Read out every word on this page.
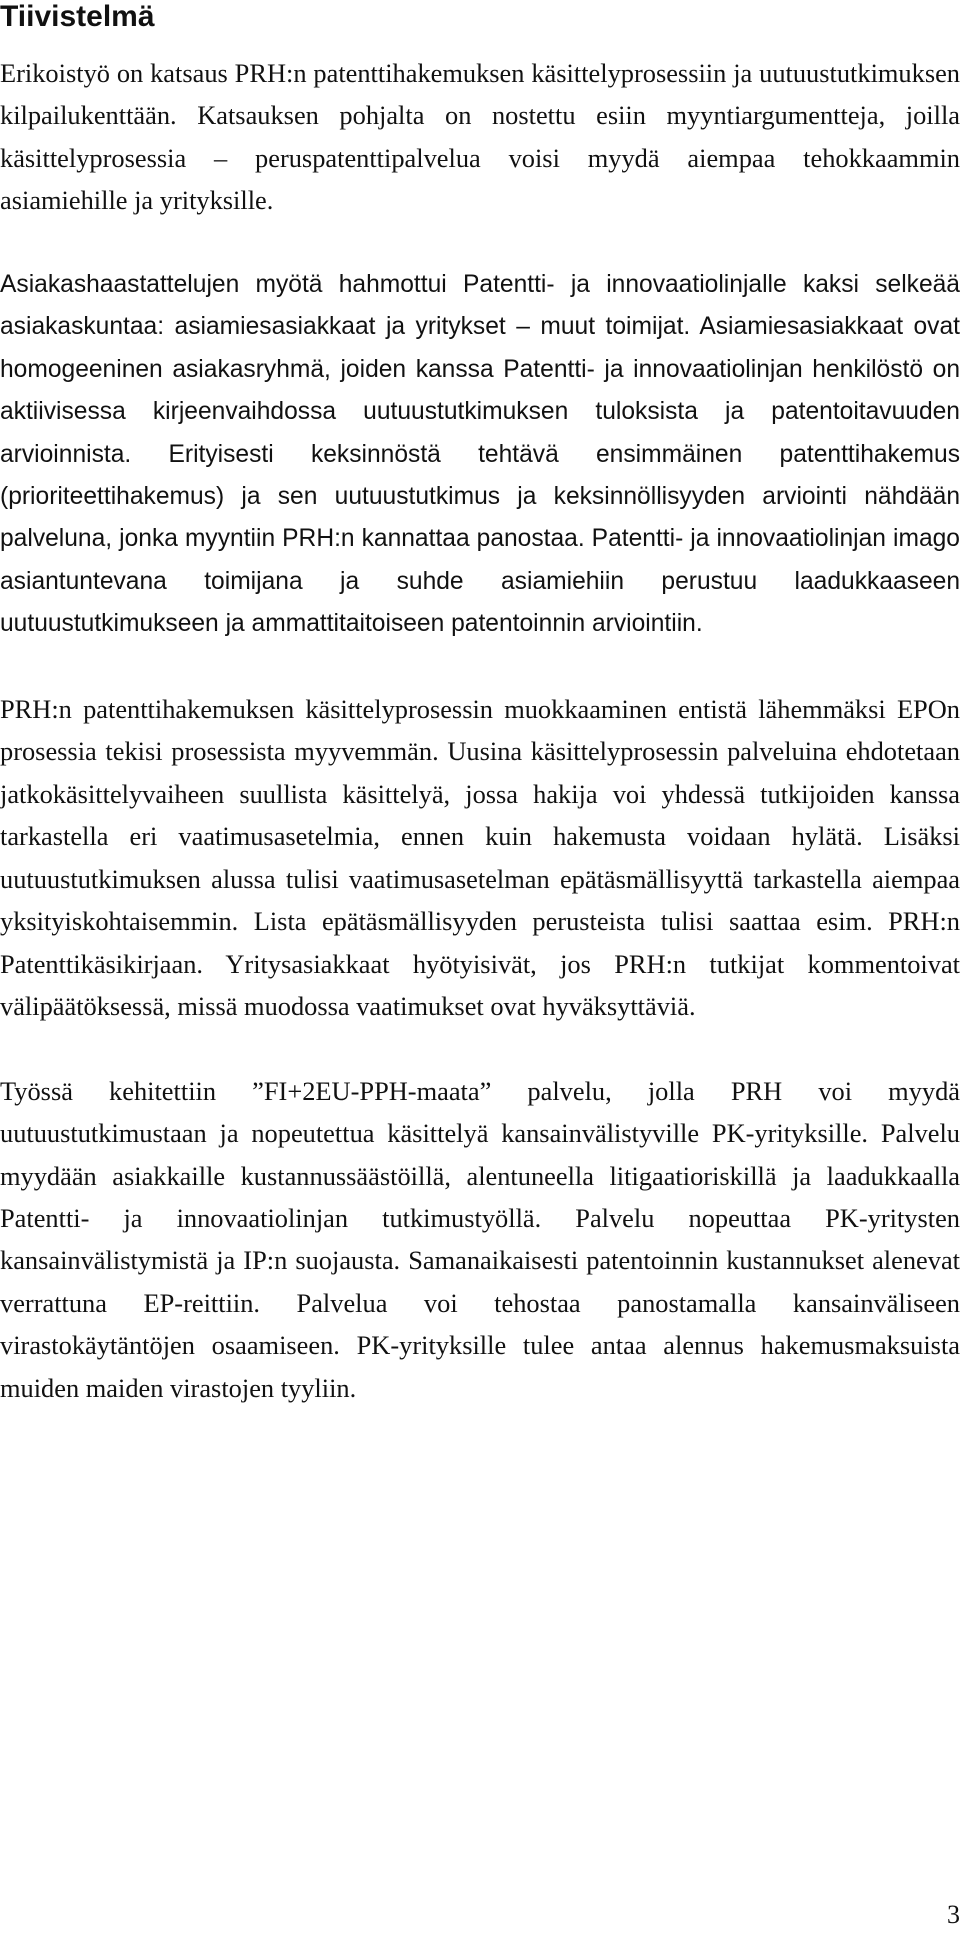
Tiivistelmä

Erikoistyö on katsaus PRH:n patenttihakemuksen käsittelyprosessiin ja uutuustutkimuksen kilpailukenttään. Katsauksen pohjalta on nostettu esiin myyntiargumentteja, joilla käsittelyprosessia – peruspatenttipalvelua voisi myydä aiempaa tehokkaammin asiamiehille ja yrityksille.

Asiakashaastattelujen myötä hahmottui Patentti- ja innovaatiolinjalle kaksi selkeää asiakaskuntaa: asiamiesasiakkaat ja yritykset – muut toimijat. Asiamiesasiakkaat ovat homogeeninen asiakasryhmä, joiden kanssa Patentti- ja innovaatiolinjan henkilöstö on aktiivisessa kirjeenvaihdossa uutuustutkimuksen tuloksista ja patentoitavuuden arvioinnista. Erityisesti keksinnöstä tehtävä ensimmäinen patenttihakemus (prioriteettihakemus) ja sen uutuustutkimus ja keksinnöllisyyden arviointi nähdään palveluna, jonka myyntiin PRH:n kannattaa panostaa. Patentti- ja innovaatiolinjan imago asiantuntevana toimijana ja suhde asiamiehiin perustuu laadukkaaseen uutuustutkimukseen ja ammattitaitoiseen patentoinnin arviointiin.

PRH:n patenttihakemuksen käsittelyprosessin muokkaaminen entistä lähemmäksi EPOn prosessia tekisi prosessista myyvemmän. Uusina käsittelyprosessin palveluina ehdotetaan jatkokäsittelyvaiheen suullista käsittelyä, jossa hakija voi yhdessä tutkijoiden kanssa tarkastella eri vaatimusasetelmia, ennen kuin hakemusta voidaan hylätä. Lisäksi uutuustutkimuksen alussa tulisi vaatimusasetelman epätäsmällisyyttä tarkastella aiempaa yksityiskohtaisemmin. Lista epätäsmällisyyden perusteista tulisi saattaa esim. PRH:n Patenttikäsikirjaan. Yritysasiakkaat hyötyisivät, jos PRH:n tutkijat kommentoivat välipäätöksessä, missä muodossa vaatimukset ovat hyväksyttäviä.

Työssä kehitettiin ”FI+2EU-PPH-maata” palvelu, jolla PRH voi myydä uutuustutkimustaan ja nopeutettua käsittelyä kansainvälistyville PK-yrityksille. Palvelu myydään asiakkaille kustannussäästöillä, alentuneella litigaatioriskillä ja laadukkaalla Patentti- ja innovaatiolinjan tutkimustyöllä. Palvelu nopeuttaa PK-yritysten kansainvälistymistä ja IP:n suojausta. Samanaikaisesti patentoinnin kustannukset alenevat verrattuna EP-reittiin. Palvelua voi tehostaa panostamalla kansainväliseen virastokäytäntöjen osaamiseen. PK-yrityksille tulee antaa alennus hakemusmaksuista muiden maiden virastojen tyyliin.

3
